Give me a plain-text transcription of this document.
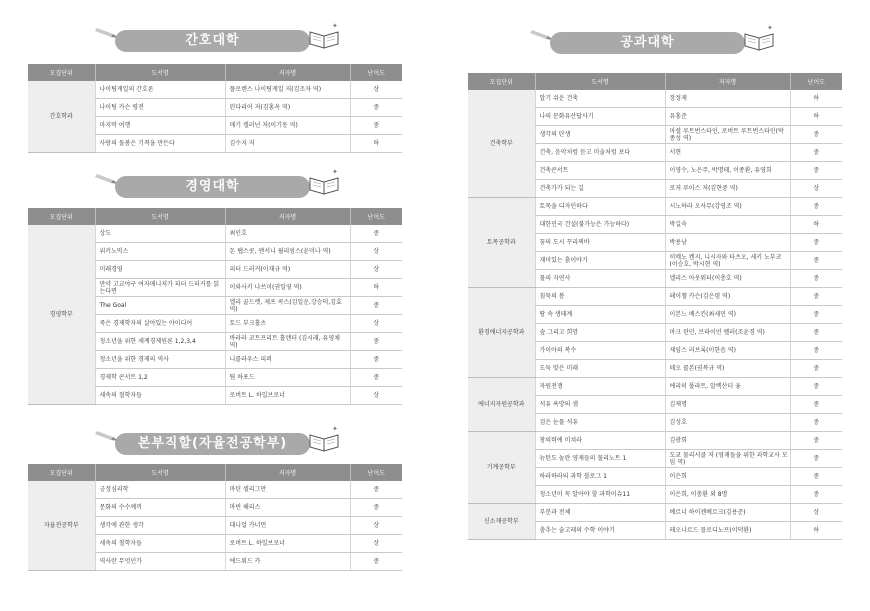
간호대학
✦
경영대학
✦
본부직할(자율전공학부)
✦
공과대학
✦
모집단위	도서명	저자명	난이도
간호학과	나이팅게일의 간호론	플로렌스 나이팅게일 저(김조자 역)	상
	나이팅 카슨 평전	린다리어 저(김홍옥 역)	중
	마지막 여행	매기 캘러넌 저(이기동 역)	중
	사랑의 돌봄은 기적을 만든다	김수지 저	하
모집단위	도서명	저자명	난이도
경영학부	상도	최인호	중
	위키노믹스	돈 탭스콧, 앤서니 윌리엄스(윤미나 역)	상
	미래경영	피터 드러커(이재규 역)	상
	만약 고교야구 여자매니저가 피터 드러커를 읽는다면	이와사키 나쓰미(권일영 역)	하
	The Goal	엘리 골드렛, 제프 콕스(김일운,강승덕,김효 역)	중
	죽은 경제학자의 살아있는 아이디어	토드 부크홀츠	상
	청소년을 위한 세계경제원론 1,2,3,4	바라라 코트프리트 홀랜더 (김시래, 유영채 역)	중
	청소년을 위한 경제의 역사	니콜라우스 피퍼	중
	경제학 콘서트 1,2	팀 하포드	중
	세속의 철학자들	로버트 L. 하일브로너	상
모집단위	도서명	저자명	난이도
자율전공학부	긍정심리학	마틴 셀리그만	중
	문화의 수수께끼	마빈 해리스	중
	생각에 관한 생각	대니얼 카너먼	상
	세속의 철학자들	로버트 L. 하일브로너	상
	역사란 무엇인가	에드워드 카	중
모집단위	도서명	저자명	난이도
건축학부	알기 쉬운 건축	장정제	하
	나의 문화유산답사기	유홍준	하
	생각의 탄생	마셜 루트번스타인, 로버트 루트번스타인(박종성 역)	중
	건축, 음악처럼 듣고 미술처럼 보다	서현	중
	건축콘서트	이영수, 노은주, 박명태, 이종환, 유영희	중
	건축가가 되는 길	로저 루이스 저(김현중 역)	상
토목공학과	토목을 디자인하다	시노하라 오사무(강영조 역)	중
	대한민국 건설(불가능은 가능하다)	박길숙	하
	꿈의 도시 꾸리찌바	박용남	중
	재미있는 흙이야기	히메노 켄지, 니시자와 타츠오, 세키 노부코(이승호, 박시현 역)	중
	물의 자연사	앨리스 아웃워터(이충호 역)	중
환경에너지공학과	침묵의 봄	레이첼 카슨(김은령 역)	중
	땅 속 생태계	이본느 배스킨(최세민 역)	중
	숲 그리고 희망	마크 린던, 브라이언 펠러(조윤경 역)	중
	가이아의 복수	제임스 러브록(이한음 역)	중
	도둑 맞은 미래	테오 콜본(권복규 역)	중
에너지자원공학과	자원전쟁	에리히 폴라트, 알렉산더 융	중
	석유 욕망의 샘	김재명	중
	검은 눈물 석유	김성호	중
기계공학부	창의력에 미쳐라	김광희	중
	뉴턴도 놀란 영재들의 물리노트 1	도쿄 물리서클 저 (영재들을 위한 과학교사 모임 역)	중
	하라하라의 과학 블로그 1	이은희	중
	청소년이 꼭 알아야 할 과학이슈11	이은희, 이충환 외 8명	중
신소재공학부	부분과 전체	베르너 하이젠베르크(김용준)	상
	춤추는 술고래의 수학 이야기	레오나르드 믈로디노프(이덕환)	하
